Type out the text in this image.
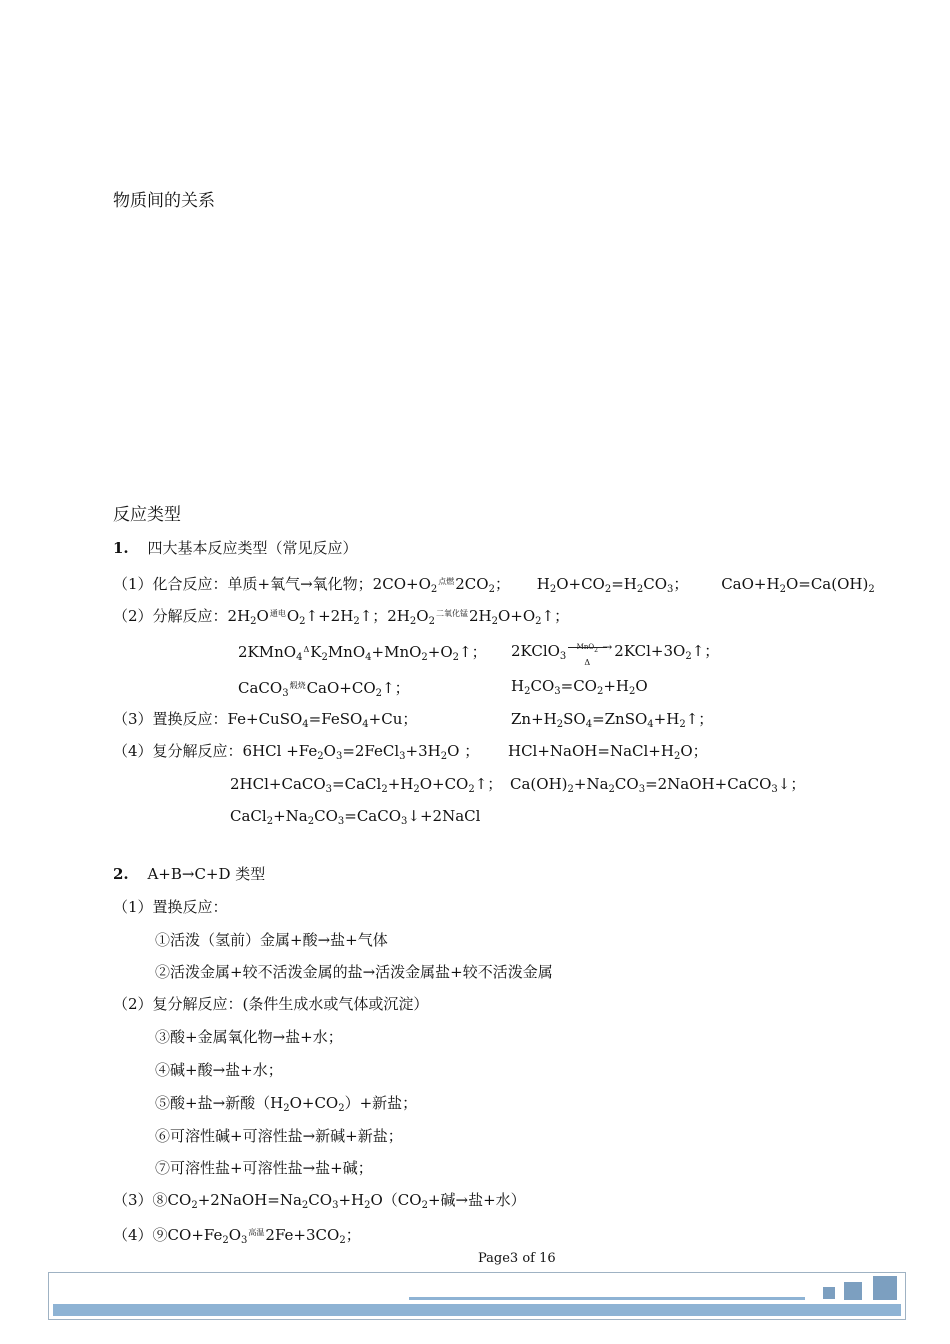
物质间的关系
反应类型
1. 四大基本反应类型（常见反应）
（1）化合反应：单质+氧气→氧化物；$2CO+O_2^{点燃}2CO_2$； $H_2O+CO_2=H_2CO_3$； $CaO+H_2O=Ca(OH)_2$
（2）分解反应：$2H_2O^{通电}O_2↑+2H_2↑$；$2H_2O_2^{二氧化锰}2H_2O+O_2↑$；
$2KMnO_4^\Delta K_2MnO_4+MnO_2+O_2↑$； 2KClO$_3$
MnO$_2$ →
Δ
$2KCl+3O_2↑$；
$CaCO_3^{煅烧}CaO+CO_2↑$；	$H_2CO_3=CO_2+H_2O$
（3）置换反应：Fe+CuSO$_4$=FeSO$_4$+Cu；	$Zn+H_2SO_4=ZnSO_4+H_2↑$；
（4）复分解反应：$6HCl +Fe_2O_3=2FeCl_3+3H_2O$ ； $HCl+NaOH=NaCl+H_2O$；
$2HCl+CaCO_3=CaCl_2+H_2O+CO_2↑$； $Ca(OH)_2+Na_2CO_3=2NaOH+CaCO_3↓$；
$CaCl_2+Na_2CO_3=CaCO_3↓+2NaCl$
2. A+B→C+D 类型
（1）置换反应：
①活泼（氢前）金属+酸→盐+气体
②活泼金属+较不活泼金属的盐→活泼金属盐+较不活泼金属
（2）复分解反应：(条件生成水或气体或沉淀）
③酸+金属氧化物→盐+水；
④碱+酸→盐+水；
⑤酸+盐→新酸$(H_2O+CO_2)+$新盐；
⑥可溶性碱+可溶性盐→新碱+新盐；
⑦可溶性盐+可溶性盐→盐+碱；
$(3)⑧CO_2+2NaOH=Na_2CO_3+H_2O(CO_2+$碱→盐+水）
$(4)⑨CO+Fe_2O_3^{高温}2Fe+3CO_2$；
Page3 of 16
